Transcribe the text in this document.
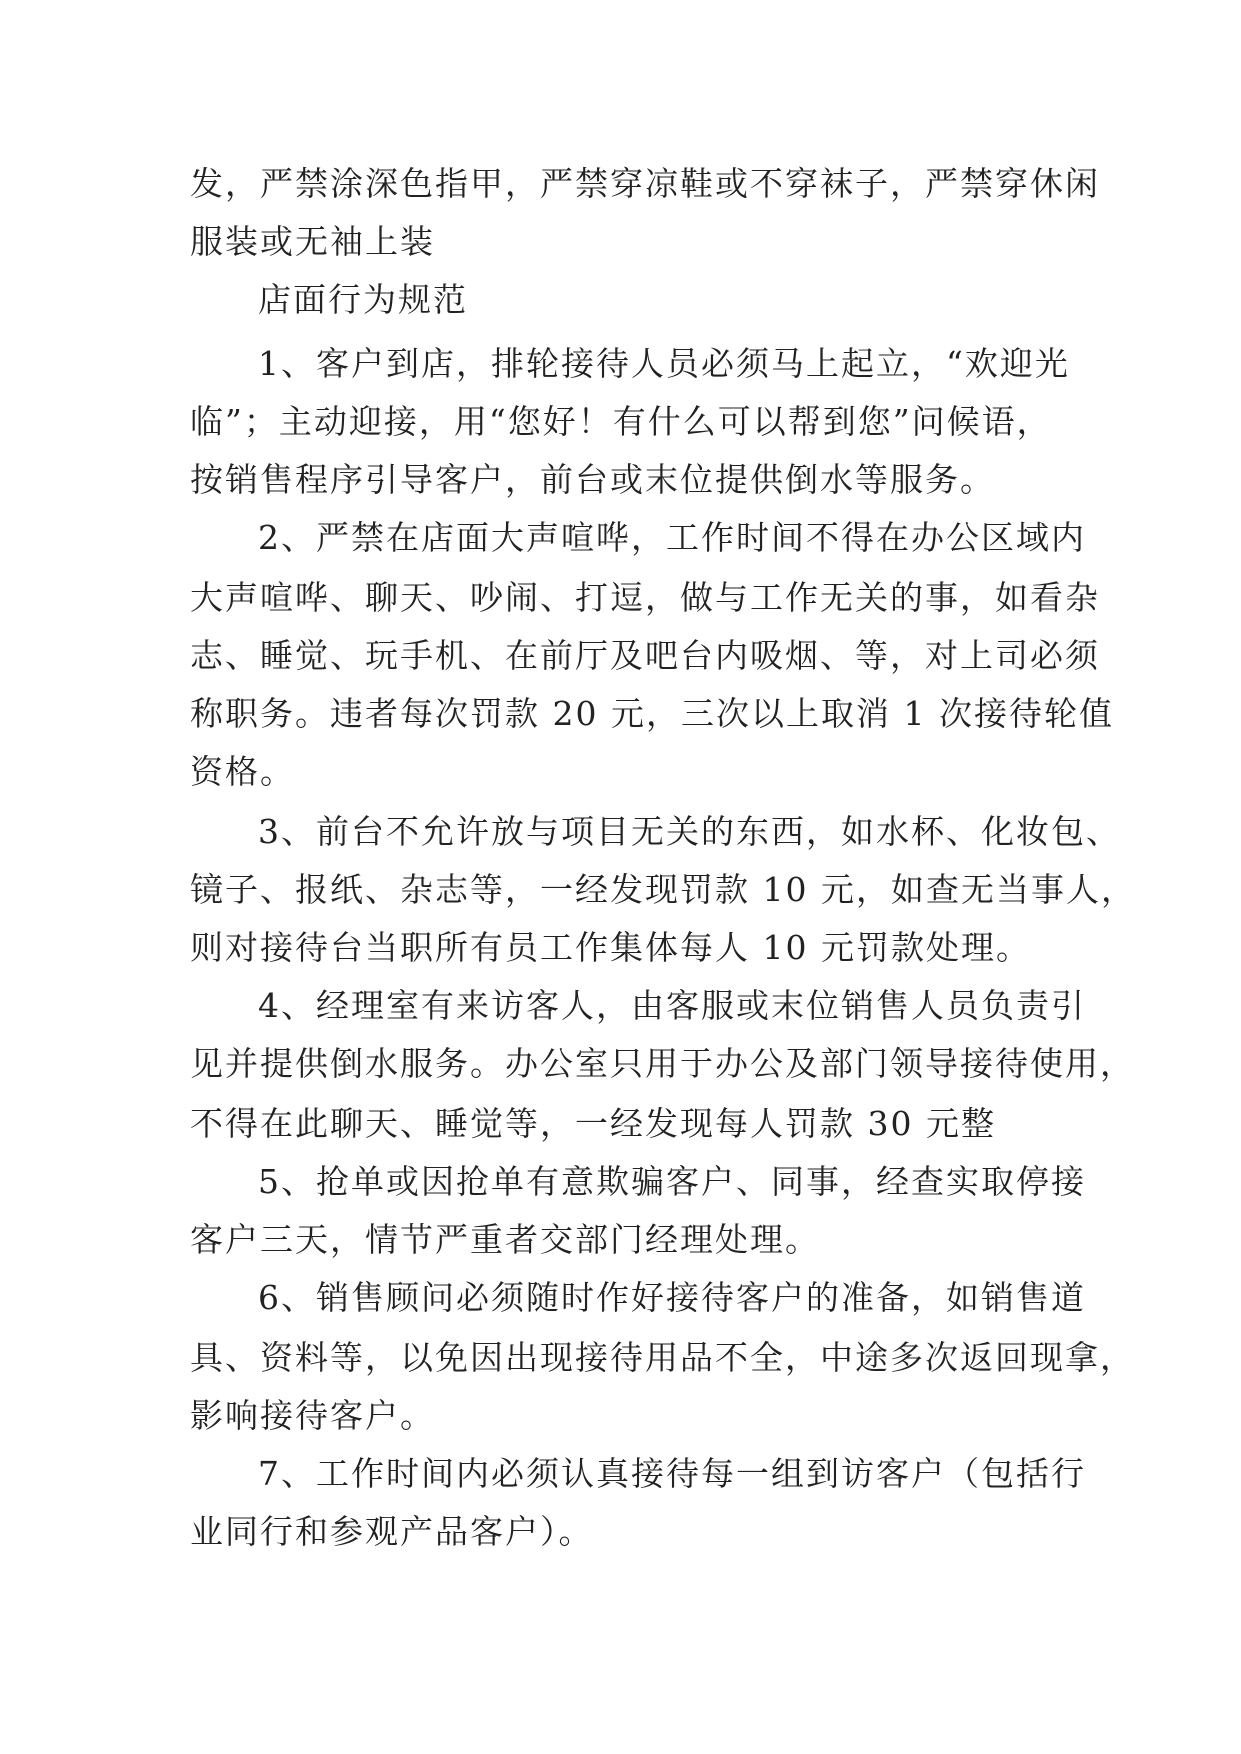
发，严禁涂深色指甲，严禁穿凉鞋或不穿袜子，严禁穿休闲
服装或无袖上装
店面行为规范
1、客户到店，排轮接待人员必须马上起立，“欢迎光
临”；主动迎接，用“您好！有什么可以帮到您”问候语，
按销售程序引导客户，前台或末位提供倒水等服务。
2、严禁在店面大声喧哗，工作时间不得在办公区域内
大声喧哗、聊天、吵闹、打逗，做与工作无关的事，如看杂
志、睡觉、玩手机、在前厅及吧台内吸烟、等，对上司必须
称职务。违者每次罚款 20 元，三次以上取消 1 次接待轮值
资格。
3、前台不允许放与项目无关的东西，如水杯、化妆包、
镜子、报纸、杂志等，一经发现罚款 10 元，如查无当事人，
则对接待台当职所有员工作集体每人 10 元罚款处理。
4、经理室有来访客人，由客服或末位销售人员负责引
见并提供倒水服务。办公室只用于办公及部门领导接待使用，
不得在此聊天、睡觉等，一经发现每人罚款 30 元整
5、抢单或因抢单有意欺骗客户、同事，经查实取停接
客户三天，情节严重者交部门经理处理。
6、销售顾问必须随时作好接待客户的准备，如销售道
具、资料等，以免因出现接待用品不全，中途多次返回现拿，
影响接待客户。
7、工作时间内必须认真接待每一组到访客户（包括行
业同行和参观产品客户）。
